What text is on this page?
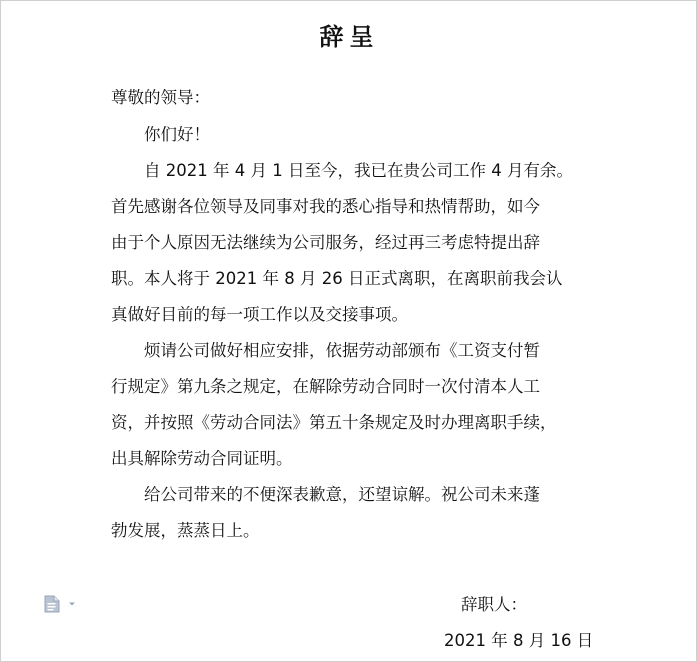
辞呈
尊敬的领导：

你们好！

自 2021 年 4 月 1 日至今，我已在贵公司工作 4 月有余。

首先感谢各位领导及同事对我的悉心指导和热情帮助，如今

由于个人原因无法继续为公司服务，经过再三考虑特提出辞

职。本人将于 2021 年 8 月 26 日正式离职，在离职前我会认

真做好目前的每一项工作以及交接事项。

烦请公司做好相应安排，依据劳动部颁布《工资支付暂

行规定》第九条之规定，在解除劳动合同时一次付清本人工

资，并按照《劳动合同法》第五十条规定及时办理离职手续，

出具解除劳动合同证明。

给公司带来的不便深表歉意，还望谅解。祝公司未来蓬

勃发展，蒸蒸日上。

辞职人：
2021 年 8 月 16 日
